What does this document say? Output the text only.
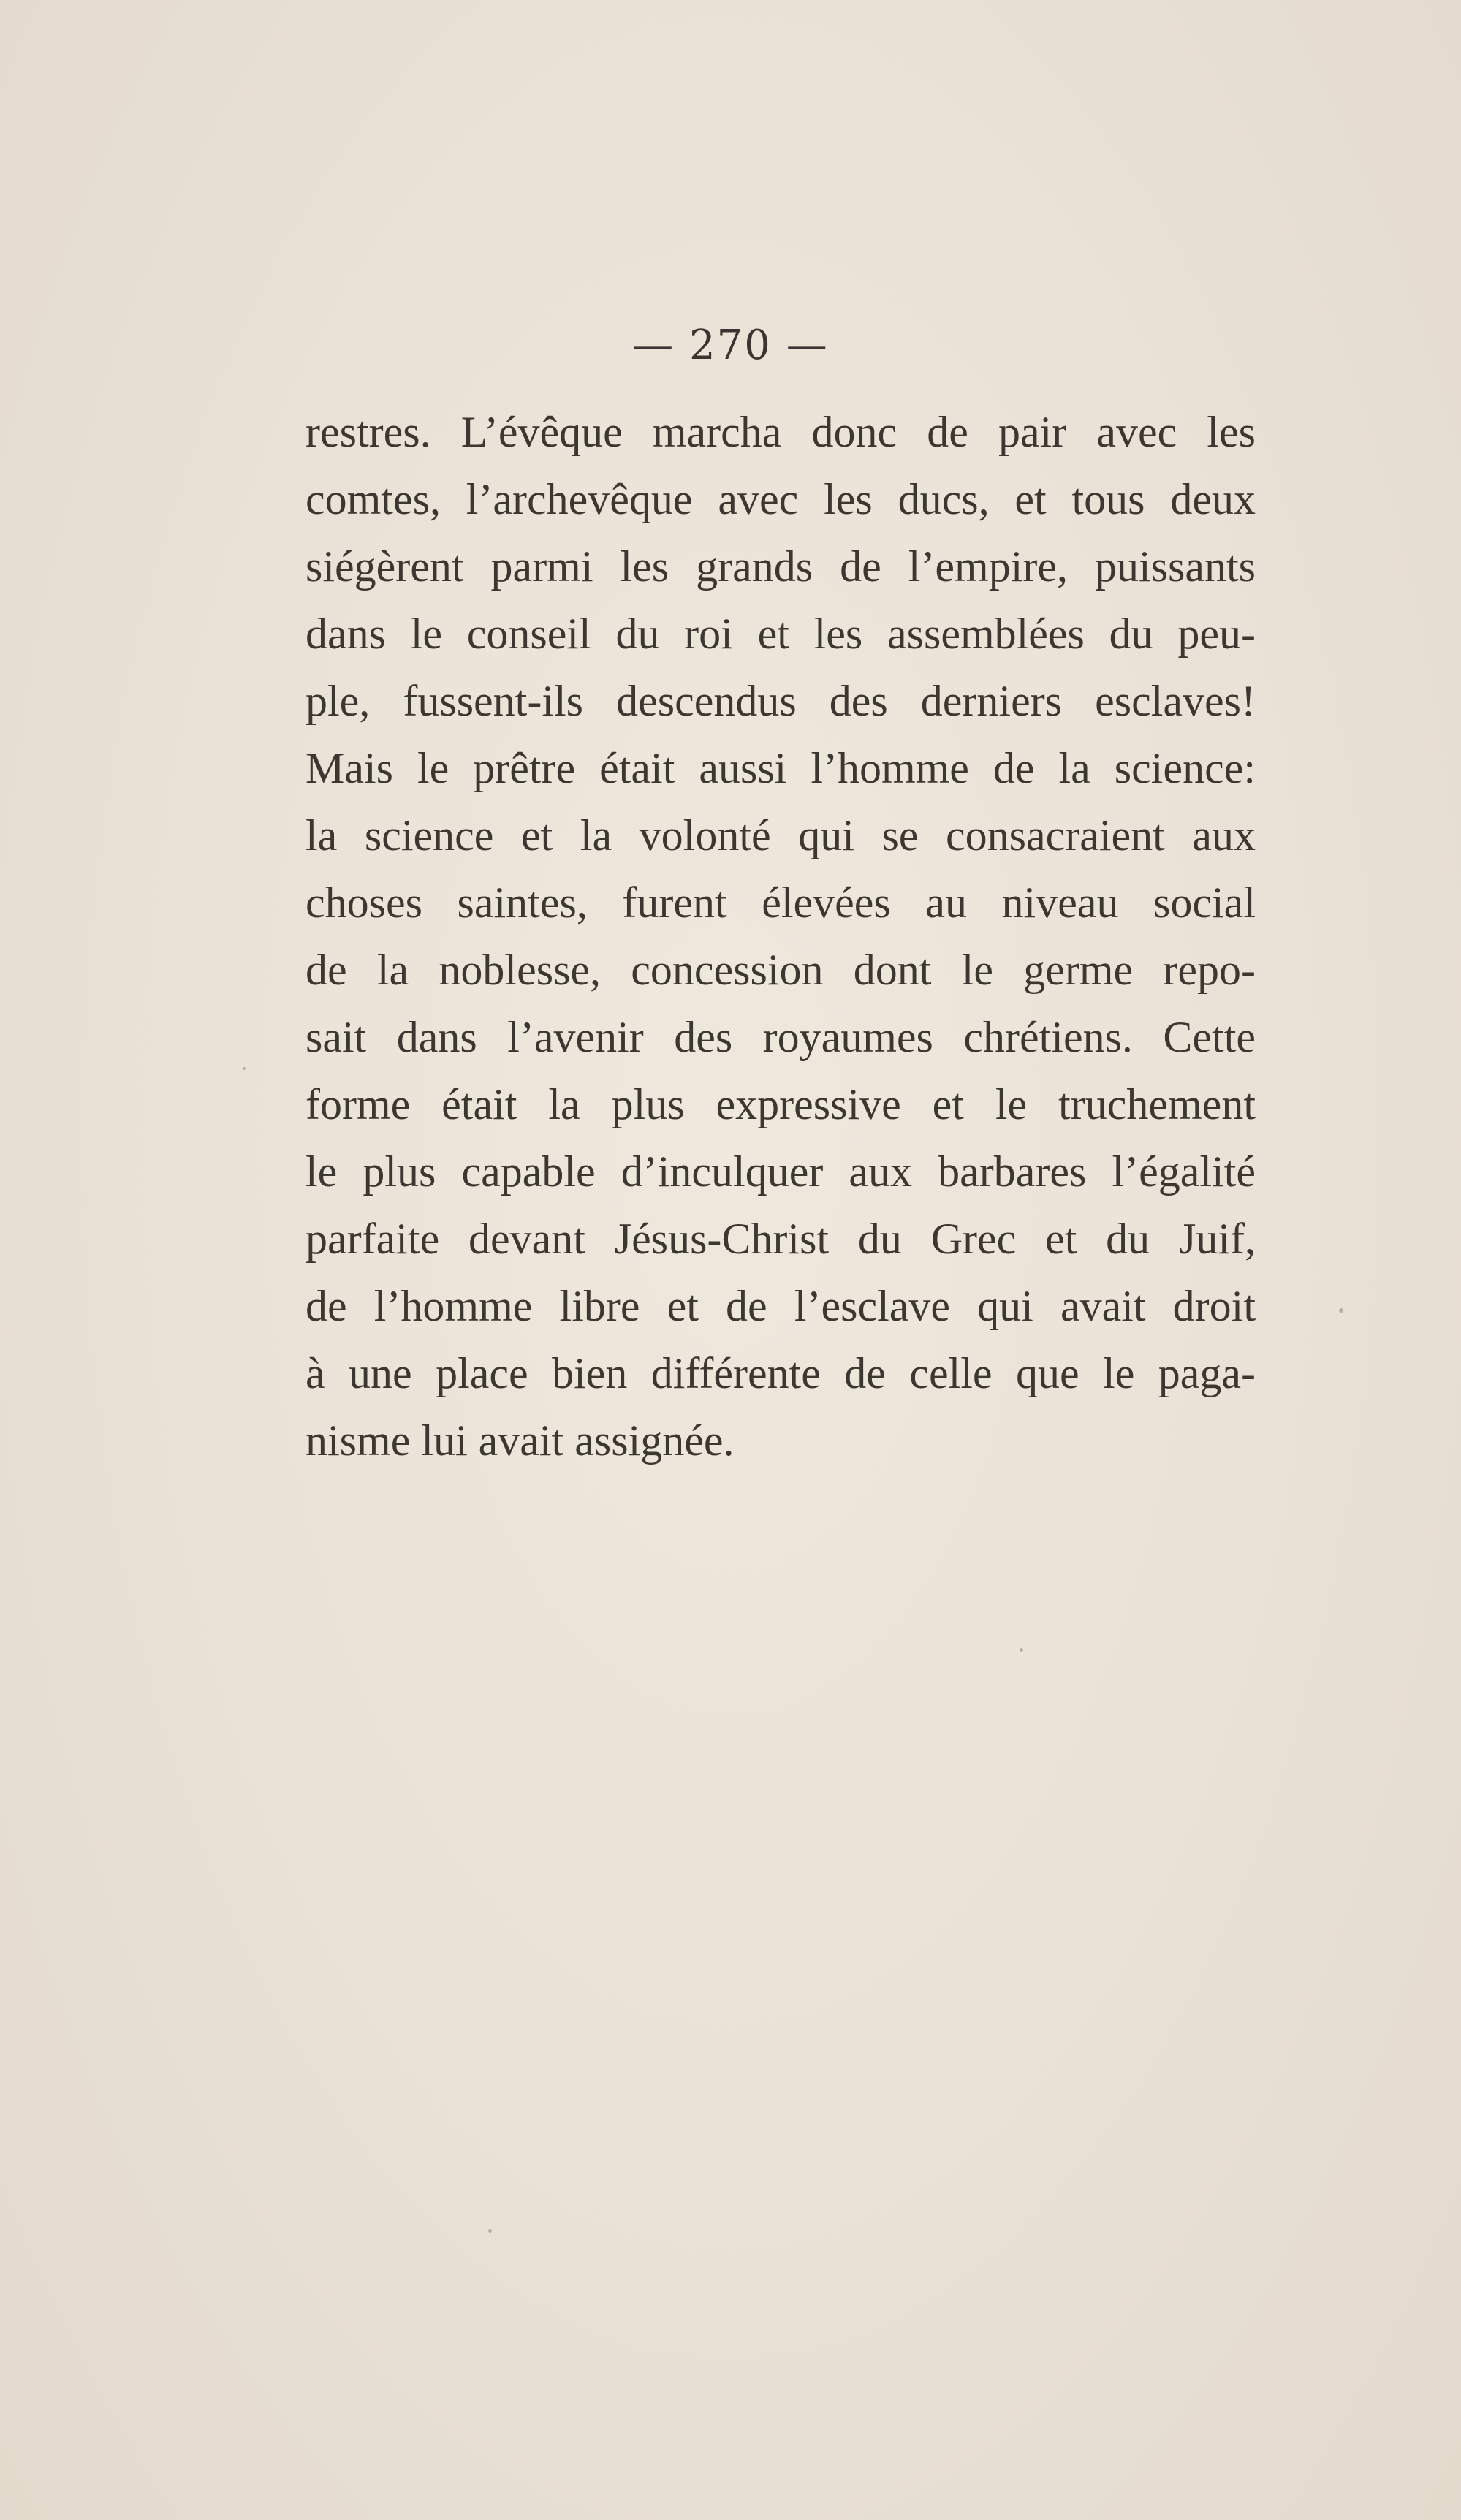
— 270 —
restres. L’évêque marcha donc de pair avec les
comtes, l’archevêque avec les ducs, et tous deux
siégèrent parmi les grands de l’empire, puissants
dans le conseil du roi et les assemblées du peu-
ple, fussent-ils descendus des derniers esclaves!
Mais le prêtre était aussi l’homme de la science:
la science et la volonté qui se consacraient aux
choses saintes, furent élevées au niveau social
de la noblesse, concession dont le germe repo-
sait dans l’avenir des royaumes chrétiens. Cette
forme était la plus expressive et le truchement
le plus capable d’inculquer aux barbares l’égalité
parfaite devant Jésus-Christ du Grec et du Juif,
de l’homme libre et de l’esclave qui avait droit
à une place bien différente de celle que le paga-
nisme lui avait assignée.
